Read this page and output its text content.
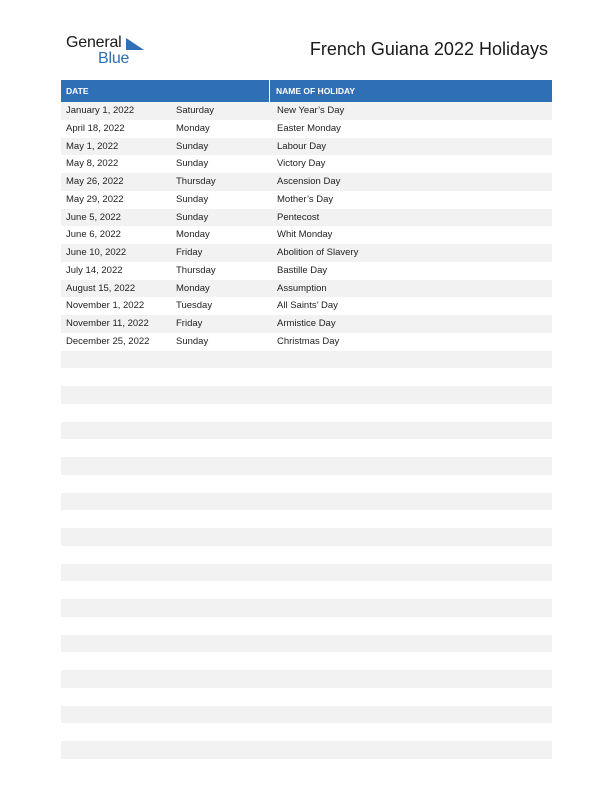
General
Blue	French Guiana 2022 Holidays
DATE	NAME OF HOLIDAY
January 1, 2022	Saturday	New Year’s Day
April 18, 2022	Monday	Easter Monday
May 1, 2022	Sunday	Labour Day
May 8, 2022	Sunday	Victory Day
May 26, 2022	Thursday	Ascension Day
May 29, 2022	Sunday	Mother’s Day
June 5, 2022	Sunday	Pentecost
June 6, 2022	Monday	Whit Monday
June 10, 2022	Friday	Abolition of Slavery
July 14, 2022	Thursday	Bastille Day
August 15, 2022	Monday	Assumption
November 1, 2022	Tuesday	All Saints’ Day
November 11, 2022	Friday	Armistice Day
December 25, 2022	Sunday	Christmas Day
